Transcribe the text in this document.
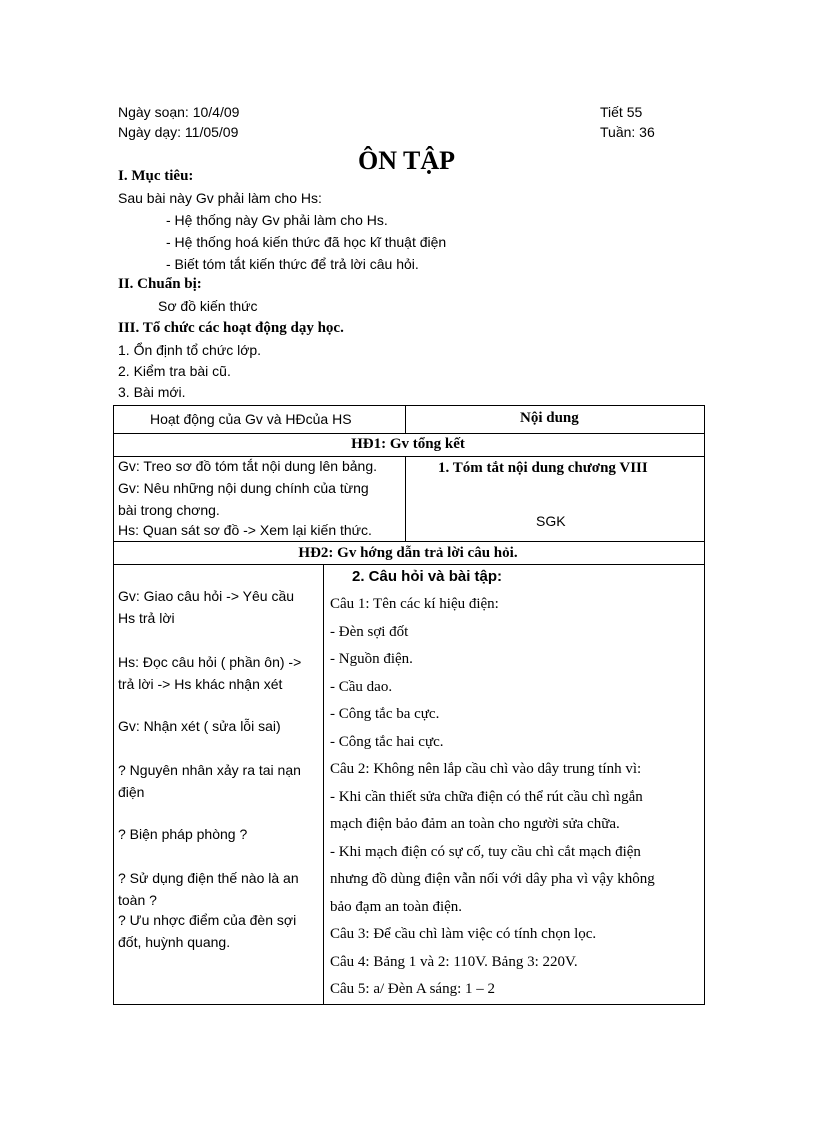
Ngày soạn: 10/4/09
Ngày dạy: 11/05/09
Tiết 55
Tuần: 36
ÔN TẬP
I. Mục tiêu:
Sau bài này Gv phải làm cho Hs:
- Hệ thống này Gv phải làm cho Hs.
- Hệ thống hoá kiến thức đã học kĩ thuật điện
- Biết tóm tắt kiến thức để trả lời câu hỏi.
II. Chuẩn bị:
Sơ đồ kiến thức
III. Tổ chức các hoạt động dạy học.
1. Ổn định tổ chức lớp.
2. Kiểm tra bài cũ.
3. Bài mới.
Hoạt động của Gv và HĐcủa HS	Nội dung
HĐ1: Gv tổng kết
Gv: Treo sơ đồ tóm tắt nội dung lên bảng.
Gv: Nêu những nội dung chính của từng
bài trong chơng.
Hs: Quan sát sơ đồ -> Xem lại kiến thức.
1. Tóm tắt nội dung chương VIII
SGK
HĐ2: Gv hớng dẫn trả lời câu hỏi.
Gv: Giao câu hỏi -> Yêu cầu
Hs trả lời
Hs: Đọc câu hỏi ( phần ôn) ->
trả lời -> Hs khác nhận xét
Gv: Nhận xét ( sửa lỗi sai)
? Nguyên nhân xảy ra tai nạn
điện
? Biện pháp phòng ?
? Sử dụng điện thế nào là an
toàn ?
? Ưu nhợc điểm của đèn sợi
đốt, huỳnh quang.
2. Câu hỏi và bài tập:
Câu 1: Tên các kí hiệu điện:
- Đèn sợi đốt
- Nguồn điện.
- Cầu dao.
- Công tắc ba cực.
- Công tắc hai cực.
Câu 2: Không nên lắp cầu chì vào dây trung tính vì:
- Khi cần thiết sửa chữa điện có thể rút cầu chì ngắn
mạch điện bảo đảm an toàn cho người sửa chữa.
- Khi mạch điện có sự cố, tuy cầu chì cắt mạch điện
nhưng đồ dùng điện vẫn nối với dây pha vì vậy không
bảo đạm an toàn điện.
Câu 3: Để cầu chì làm việc có tính chọn lọc.
Câu 4: Bảng 1 và 2: 110V. Bảng 3: 220V.
Câu 5: a/ Đèn A sáng: 1 – 2
